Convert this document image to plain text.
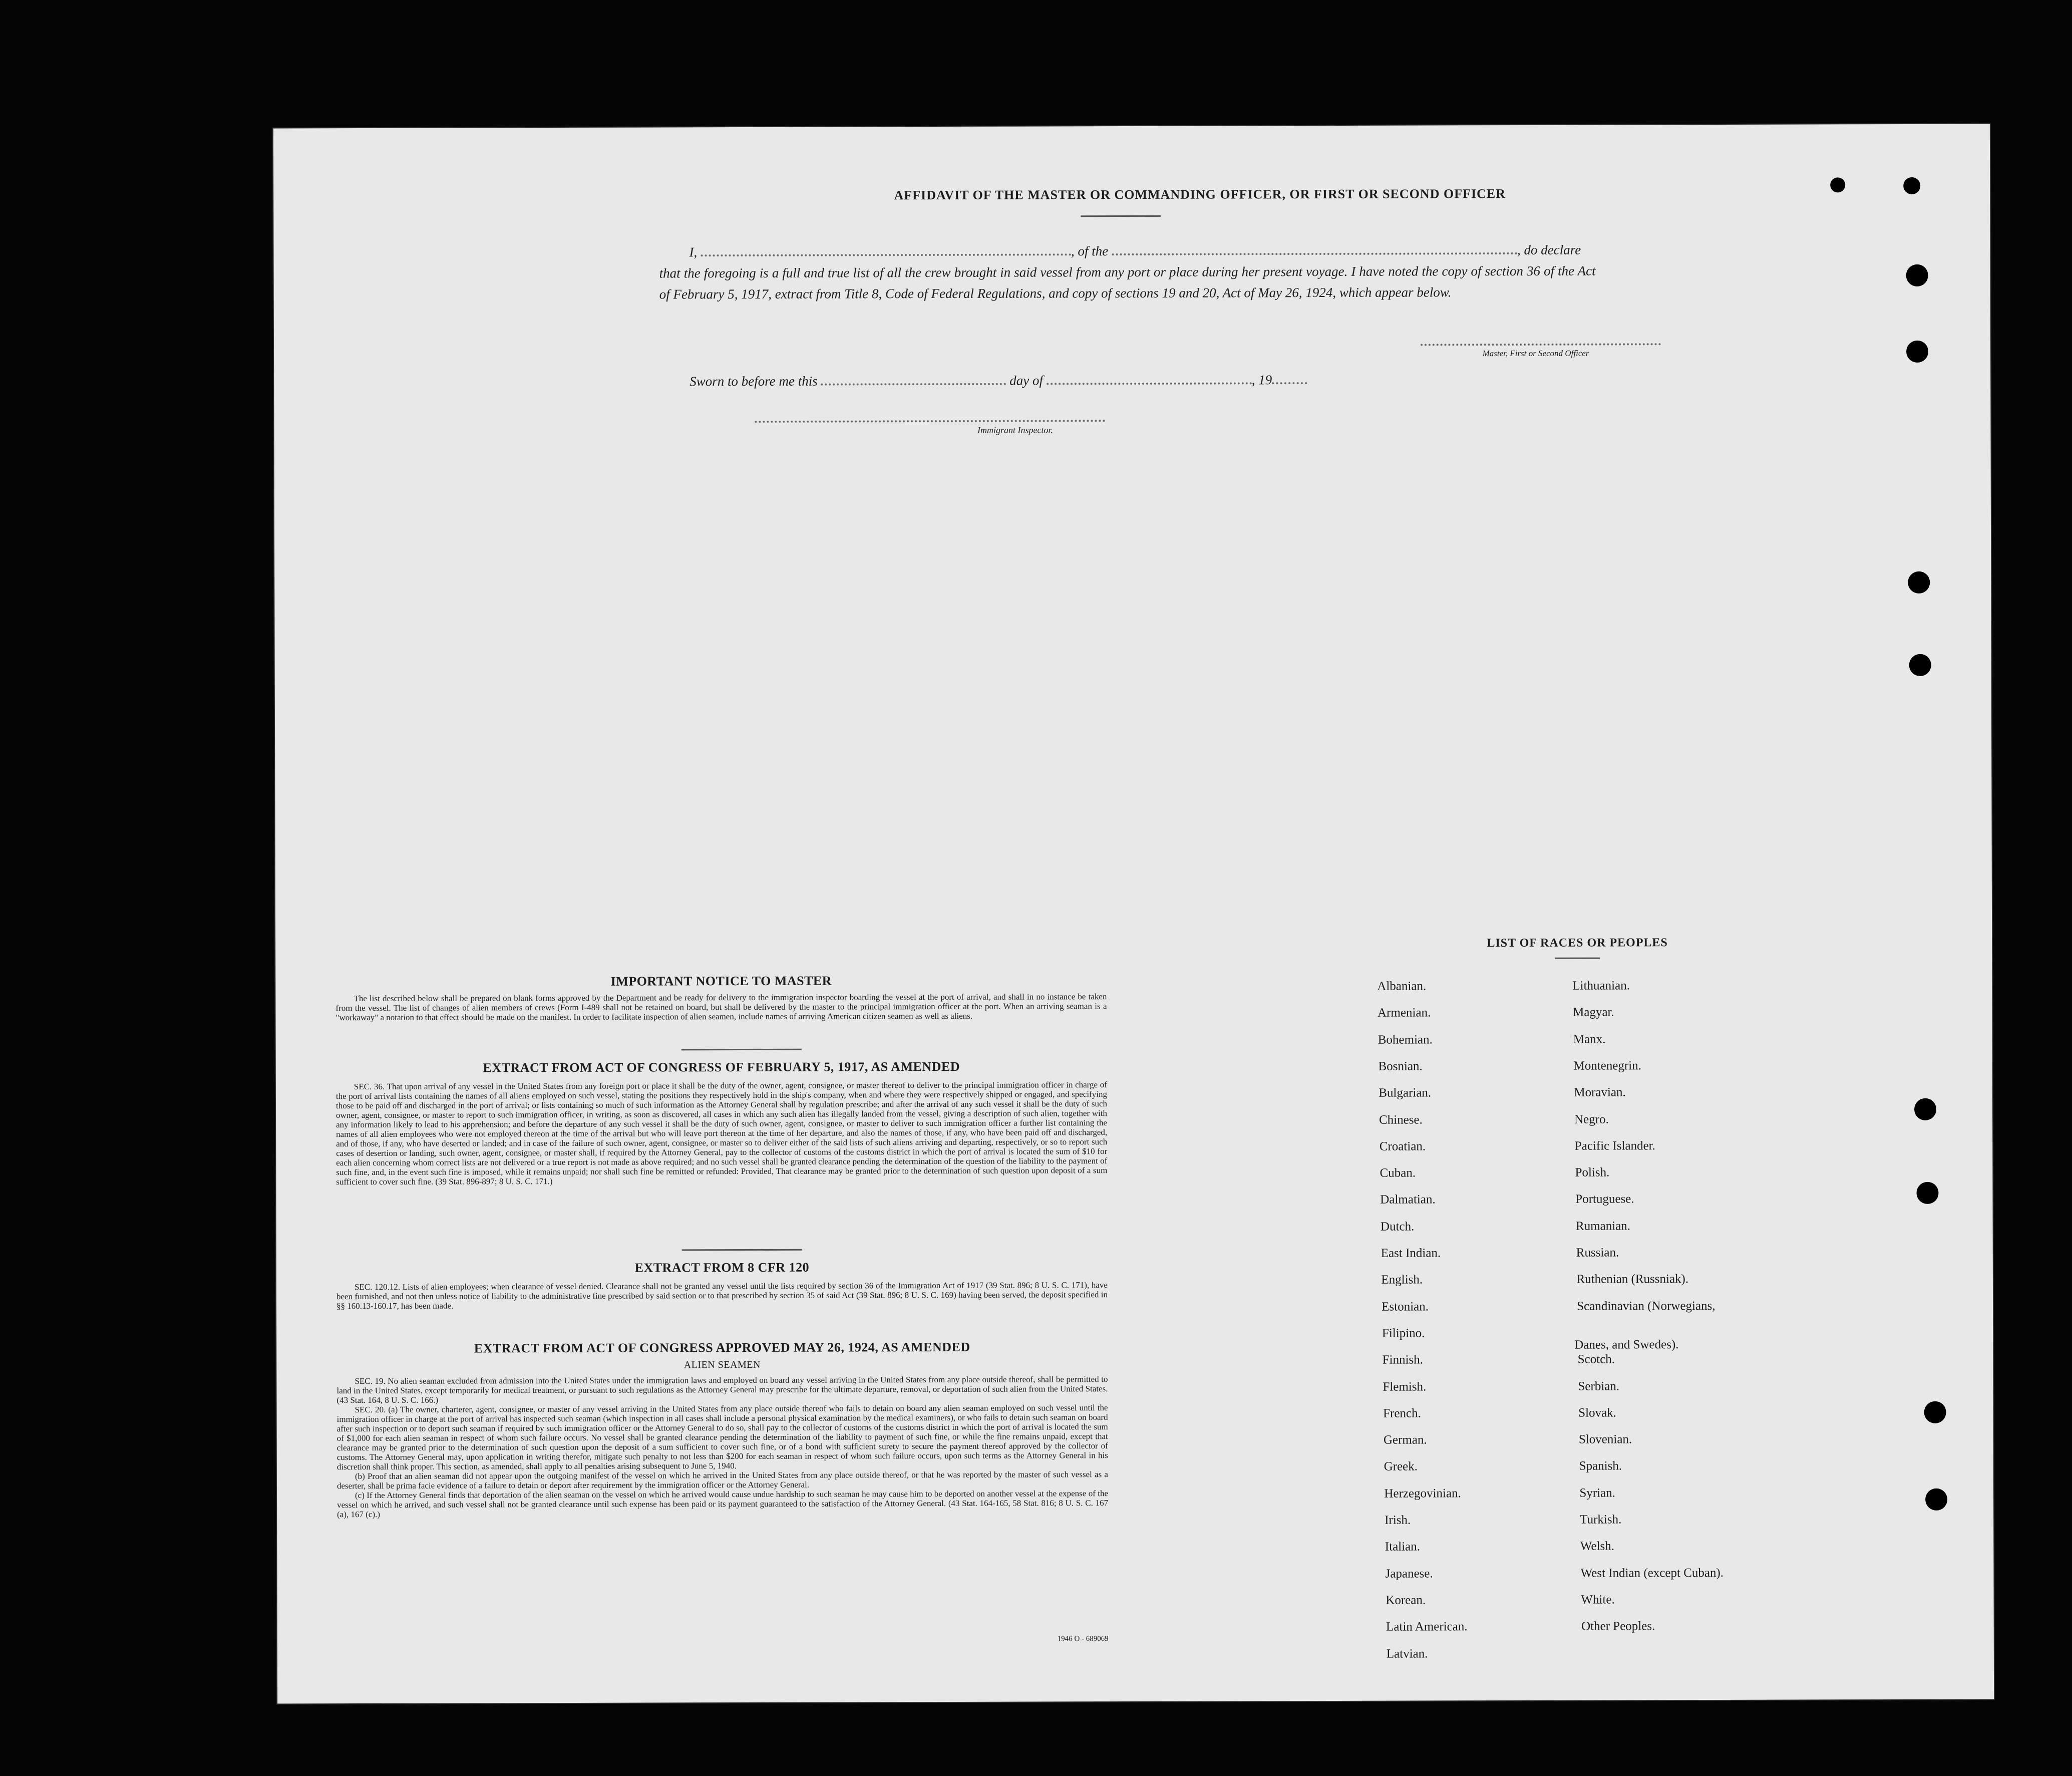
AFFIDAVIT OF THE MASTER OR COMMANDING OFFICER, OR FIRST OR SECOND OFFICER
I,	, of the	, do declare
that the foregoing is a full and true list of all the crew brought in said vessel from any port or place during her present voyage. I have noted the copy of section 36 of the Act of February 5, 1917, extract from Title 8, Code of Federal Regulations, and copy of sections 19 and 20, Act of May 26, 1924, which appear below.
Master, First or Second Officer
Sworn to before me this	day of	, 19
Immigrant Inspector.
IMPORTANT NOTICE TO MASTER

The list described below shall be prepared on blank forms approved by the Department and be ready for delivery to the immigration inspector boarding the vessel at the port of arrival, and shall in no instance be taken from the vessel. The list of changes of alien members of crews (Form I-489 shall not be retained on board, but shall be delivered by the master to the principal immigration officer at the port. When an arriving seaman is a "workaway" a notation to that effect should be made on the manifest. In order to facilitate inspection of alien seamen, include names of arriving American citizen seamen as well as aliens.

EXTRACT FROM ACT OF CONGRESS OF FEBRUARY 5, 1917, AS AMENDED

SEC. 36. That upon arrival of any vessel in the United States from any foreign port or place it shall be the duty of the owner, agent, consignee, or master thereof to deliver to the principal immigration officer in charge of the port of arrival lists containing the names of all aliens employed on such vessel, stating the positions they respectively hold in the ship's company, when and where they were respectively shipped or engaged, and specifying those to be paid off and discharged in the port of arrival; or lists containing so much of such information as the Attorney General shall by regulation prescribe; and after the arrival of any such vessel it shall be the duty of such owner, agent, consignee, or master to report to such immigration officer, in writing, as soon as discovered, all cases in which any such alien has illegally landed from the vessel, giving a description of such alien, together with any information likely to lead to his apprehension; and before the departure of any such vessel it shall be the duty of such owner, agent, consignee, or master to deliver to such immigration officer a further list containing the names of all alien employees who were not employed thereon at the time of the arrival but who will leave port thereon at the time of her departure, and also the names of those, if any, who have been paid off and discharged, and of those, if any, who have deserted or landed; and in case of the failure of such owner, agent, consignee, or master so to deliver either of the said lists of such aliens arriving and departing, respectively, or so to report such cases of desertion or landing, such owner, agent, consignee, or master shall, if required by the Attorney General, pay to the collector of customs of the customs district in which the port of arrival is located the sum of $10 for each alien concerning whom correct lists are not delivered or a true report is not made as above required; and no such vessel shall be granted clearance pending the determination of the question of the liability to the payment of such fine, and, in the event such fine is imposed, while it remains unpaid; nor shall such fine be remitted or refunded: Provided, That clearance may be granted prior to the determination of such question upon deposit of a sum sufficient to cover such fine. (39 Stat. 896-897; 8 U. S. C. 171.)

EXTRACT FROM 8 CFR 120

SEC. 120.12. Lists of alien employees; when clearance of vessel denied. Clearance shall not be granted any vessel until the lists required by section 36 of the Immigration Act of 1917 (39 Stat. 896; 8 U. S. C. 171), have been furnished, and not then unless notice of liability to the administrative fine prescribed by said section or to that prescribed by section 35 of said Act (39 Stat. 896; 8 U. S. C. 169) having been served, the deposit specified in §§ 160.13-160.17, has been made.

EXTRACT FROM ACT OF CONGRESS APPROVED MAY 26, 1924, AS AMENDED
ALIEN SEAMEN

SEC. 19. No alien seaman excluded from admission into the United States under the immigration laws and employed on board any vessel arriving in the United States from any place outside thereof, shall be permitted to land in the United States, except temporarily for medical treatment, or pursuant to such regulations as the Attorney General may prescribe for the ultimate departure, removal, or deportation of such alien from the United States. (43 Stat. 164, 8 U. S. C. 166.)

SEC. 20. (a) The owner, charterer, agent, consignee, or master of any vessel arriving in the United States from any place outside thereof who fails to detain on board any alien seaman employed on such vessel until the immigration officer in charge at the port of arrival has inspected such seaman (which inspection in all cases shall include a personal physical examination by the medical examiners), or who fails to detain such seaman on board after such inspection or to deport such seaman if required by such immigration officer or the Attorney General to do so, shall pay to the collector of customs of the customs district in which the port of arrival is located the sum of $1,000 for each alien seaman in respect of whom such failure occurs. No vessel shall be granted clearance pending the determination of the liability to payment of such fine, or while the fine remains unpaid, except that clearance may be granted prior to the determination of such question upon the deposit of a sum sufficient to cover such fine, or of a bond with sufficient surety to secure the payment thereof approved by the collector of customs. The Attorney General may, upon application in writing therefor, mitigate such penalty to not less than $200 for each seaman in respect of whom such failure occurs, upon such terms as the Attorney General in his discretion shall think proper. This section, as amended, shall apply to all penalties arising subsequent to June 5, 1940.

(b) Proof that an alien seaman did not appear upon the outgoing manifest of the vessel on which he arrived in the United States from any place outside thereof, or that he was reported by the master of such vessel as a deserter, shall be prima facie evidence of a failure to detain or deport after requirement by the immigration officer or the Attorney General.

(c) If the Attorney General finds that deportation of the alien seaman on the vessel on which he arrived would cause undue hardship to such seaman he may cause him to be deported on another vessel at the expense of the vessel on which he arrived, and such vessel shall not be granted clearance until such expense has been paid or its payment guaranteed to the satisfaction of the Attorney General. (43 Stat. 164-165, 58 Stat. 816; 8 U. S. C. 167 (a), 167 (c).)

1946 O - 689069
LIST OF RACES OR PEOPLES
Albanian.
Armenian.
Bohemian.
Bosnian.
Bulgarian.
Chinese.
Croatian.
Cuban.
Dalmatian.
Dutch.
East Indian.
English.
Estonian.
Filipino.
Finnish.
Flemish.
French.
German.
Greek.
Herzegovinian.
Irish.
Italian.
Japanese.
Korean.
Latin American.
Latvian.
Lithuanian.
Magyar.
Manx.
Montenegrin.
Moravian.
Negro.
Pacific Islander.
Polish.
Portuguese.
Rumanian.
Russian.
Ruthenian (Russniak).
Scandinavian (Norwegians,
Danes, and Swedes).
Scotch.
Serbian.
Slovak.
Slovenian.
Spanish.
Syrian.
Turkish.
Welsh.
West Indian (except Cuban).
White.
Other Peoples.
